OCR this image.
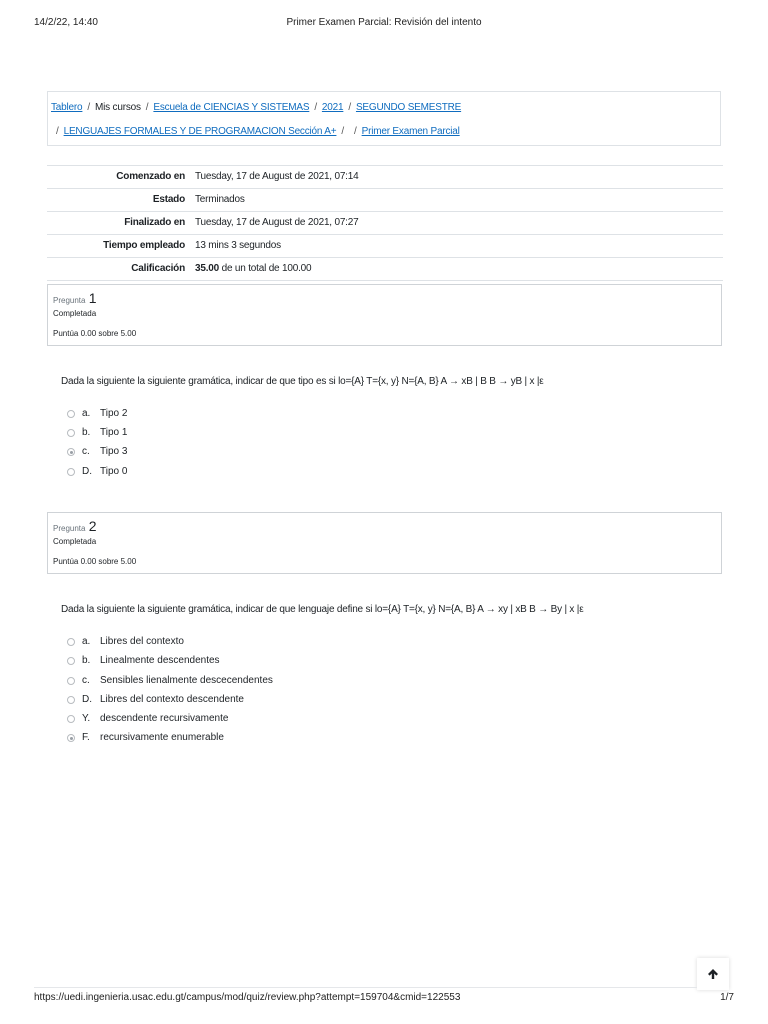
14/2/22, 14:40	Primer Examen Parcial: Revisión del intento
Tablero / Mis cursos / Escuela de CIENCIAS Y SISTEMAS / 2021 / SEGUNDO SEMESTRE
/ LENGUAJES FORMALES Y DE PROGRAMACION Sección A+ / / Primer Examen Parcial
Comenzado en	Tuesday, 17 de August de 2021, 07:14
Estado	Terminados
Finalizado en	Tuesday, 17 de August de 2021, 07:27
Tiempo empleado	13 mins 3 segundos
Calificación	35.00 de un total de 100.00
Pregunta 1
Completada
Puntúa 0.00 sobre 5.00
Dada la siguiente la siguiente gramática, indicar de que tipo es si lo={A} T={x, y} N={A, B} A → xB | B B → yB | x |ε
a. Tipo 2
b. Tipo 1
c. Tipo 3
D. Tipo 0
Pregunta 2
Completada
Puntúa 0.00 sobre 5.00
Dada la siguiente la siguiente gramática, indicar de que lenguaje define si lo={A} T={x, y} N={A, B} A → xy | xB B → By | x |ε
a. Libres del contexto
b. Linealmente descendentes
c. Sensibles lienalmente descecendentes
D. Libres del contexto descendente
Y. descendente recursivamente
F. recursivamente enumerable
https://uedi.ingenieria.usac.edu.gt/campus/mod/quiz/review.php?attempt=159704&cmid=122553	1/7
